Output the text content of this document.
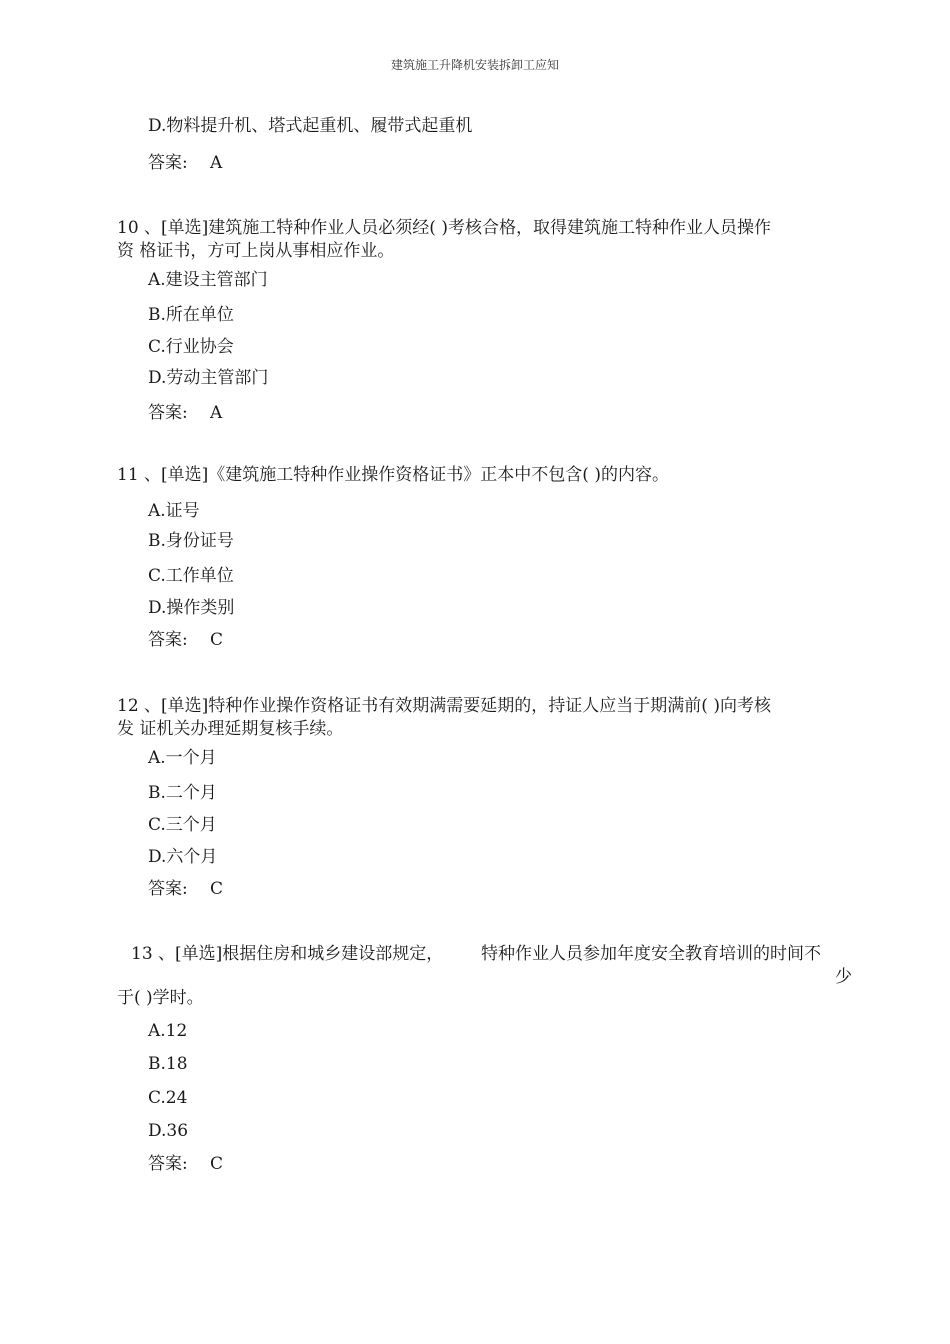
建筑施工升降机安装拆卸工应知
D.物料提升机、塔式起重机、履带式起重机
答案: A
10 、[单选]建筑施工特种作业人员必须经( )考核合格，取得建筑施工特种作业人员操作
资 格证书，方可上岗从事相应作业。
A.建设主管部门
B.所在单位
C.行业协会
D.劳动主管部门
答案: A
11 、[单选]《建筑施工特种作业操作资格证书》正本中不包含( )的内容。
A.证号
B.身份证号
C.工作单位
D.操作类别
答案: C
12 、[单选]特种作业操作资格证书有效期满需要延期的，持证人应当于期满前( )向考核
发 证机关办理延期复核手续。
A.一个月
B.二个月
C.三个月
D.六个月
答案: C
13 、[单选]根据住房和城乡建设部规定， 特种作业人员参加年度安全教育培训的时间不
少
于( )学时。
A.12
B.18
C.24
D.36
答案: C
